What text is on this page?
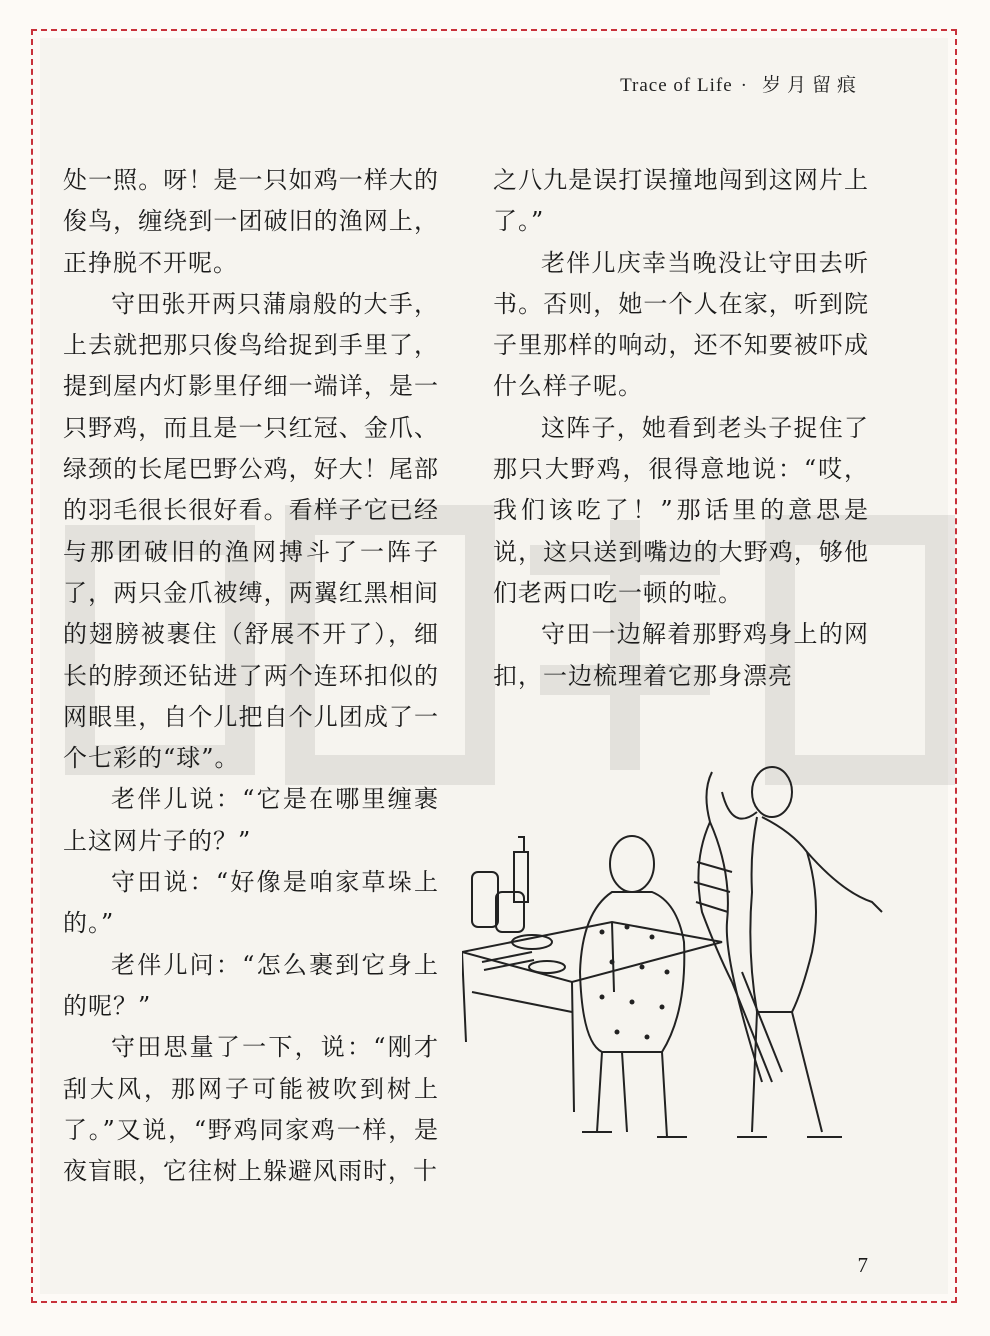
Trace of Life · 岁月留痕

处一照。呀！是一只如鸡一样大的俊鸟，缠绕到一团破旧的渔网上，正挣脱不开呢。

守田张开两只蒲扇般的大手，上去就把那只俊鸟给捉到手里了，提到屋内灯影里仔细一端详，是一只野鸡，而且是一只红冠、金爪、绿颈的长尾巴野公鸡，好大！尾部的羽毛很长很好看。看样子它已经与那团破旧的渔网搏斗了一阵子了，两只金爪被缚，两翼红黑相间的翅膀被裹住（舒展不开了），细长的脖颈还钻进了两个连环扣似的网眼里，自个儿把自个儿团成了一个七彩的“球”。

老伴儿说：“它是在哪里缠裹上这网片子的？”

守田说：“好像是咱家草垛上的。”

老伴儿问：“怎么裹到它身上的呢？”

守田思量了一下，说：“刚才刮大风，那网子可能被吹到树上了。”又说，“野鸡同家鸡一样，是夜盲眼，它往树上躲避风雨时，十

之八九是误打误撞地闯到这网片上了。”

老伴儿庆幸当晚没让守田去听书。否则，她一个人在家，听到院子里那样的响动，还不知要被吓成什么样子呢。

这阵子，她看到老头子捉住了那只大野鸡，很得意地说：“哎，我们该吃了！”那话里的意思是说，这只送到嘴边的大野鸡，够他们老两口吃一顿的啦。

守田一边解着那野鸡身上的网扣，一边梳理着它那身漂亮

7
